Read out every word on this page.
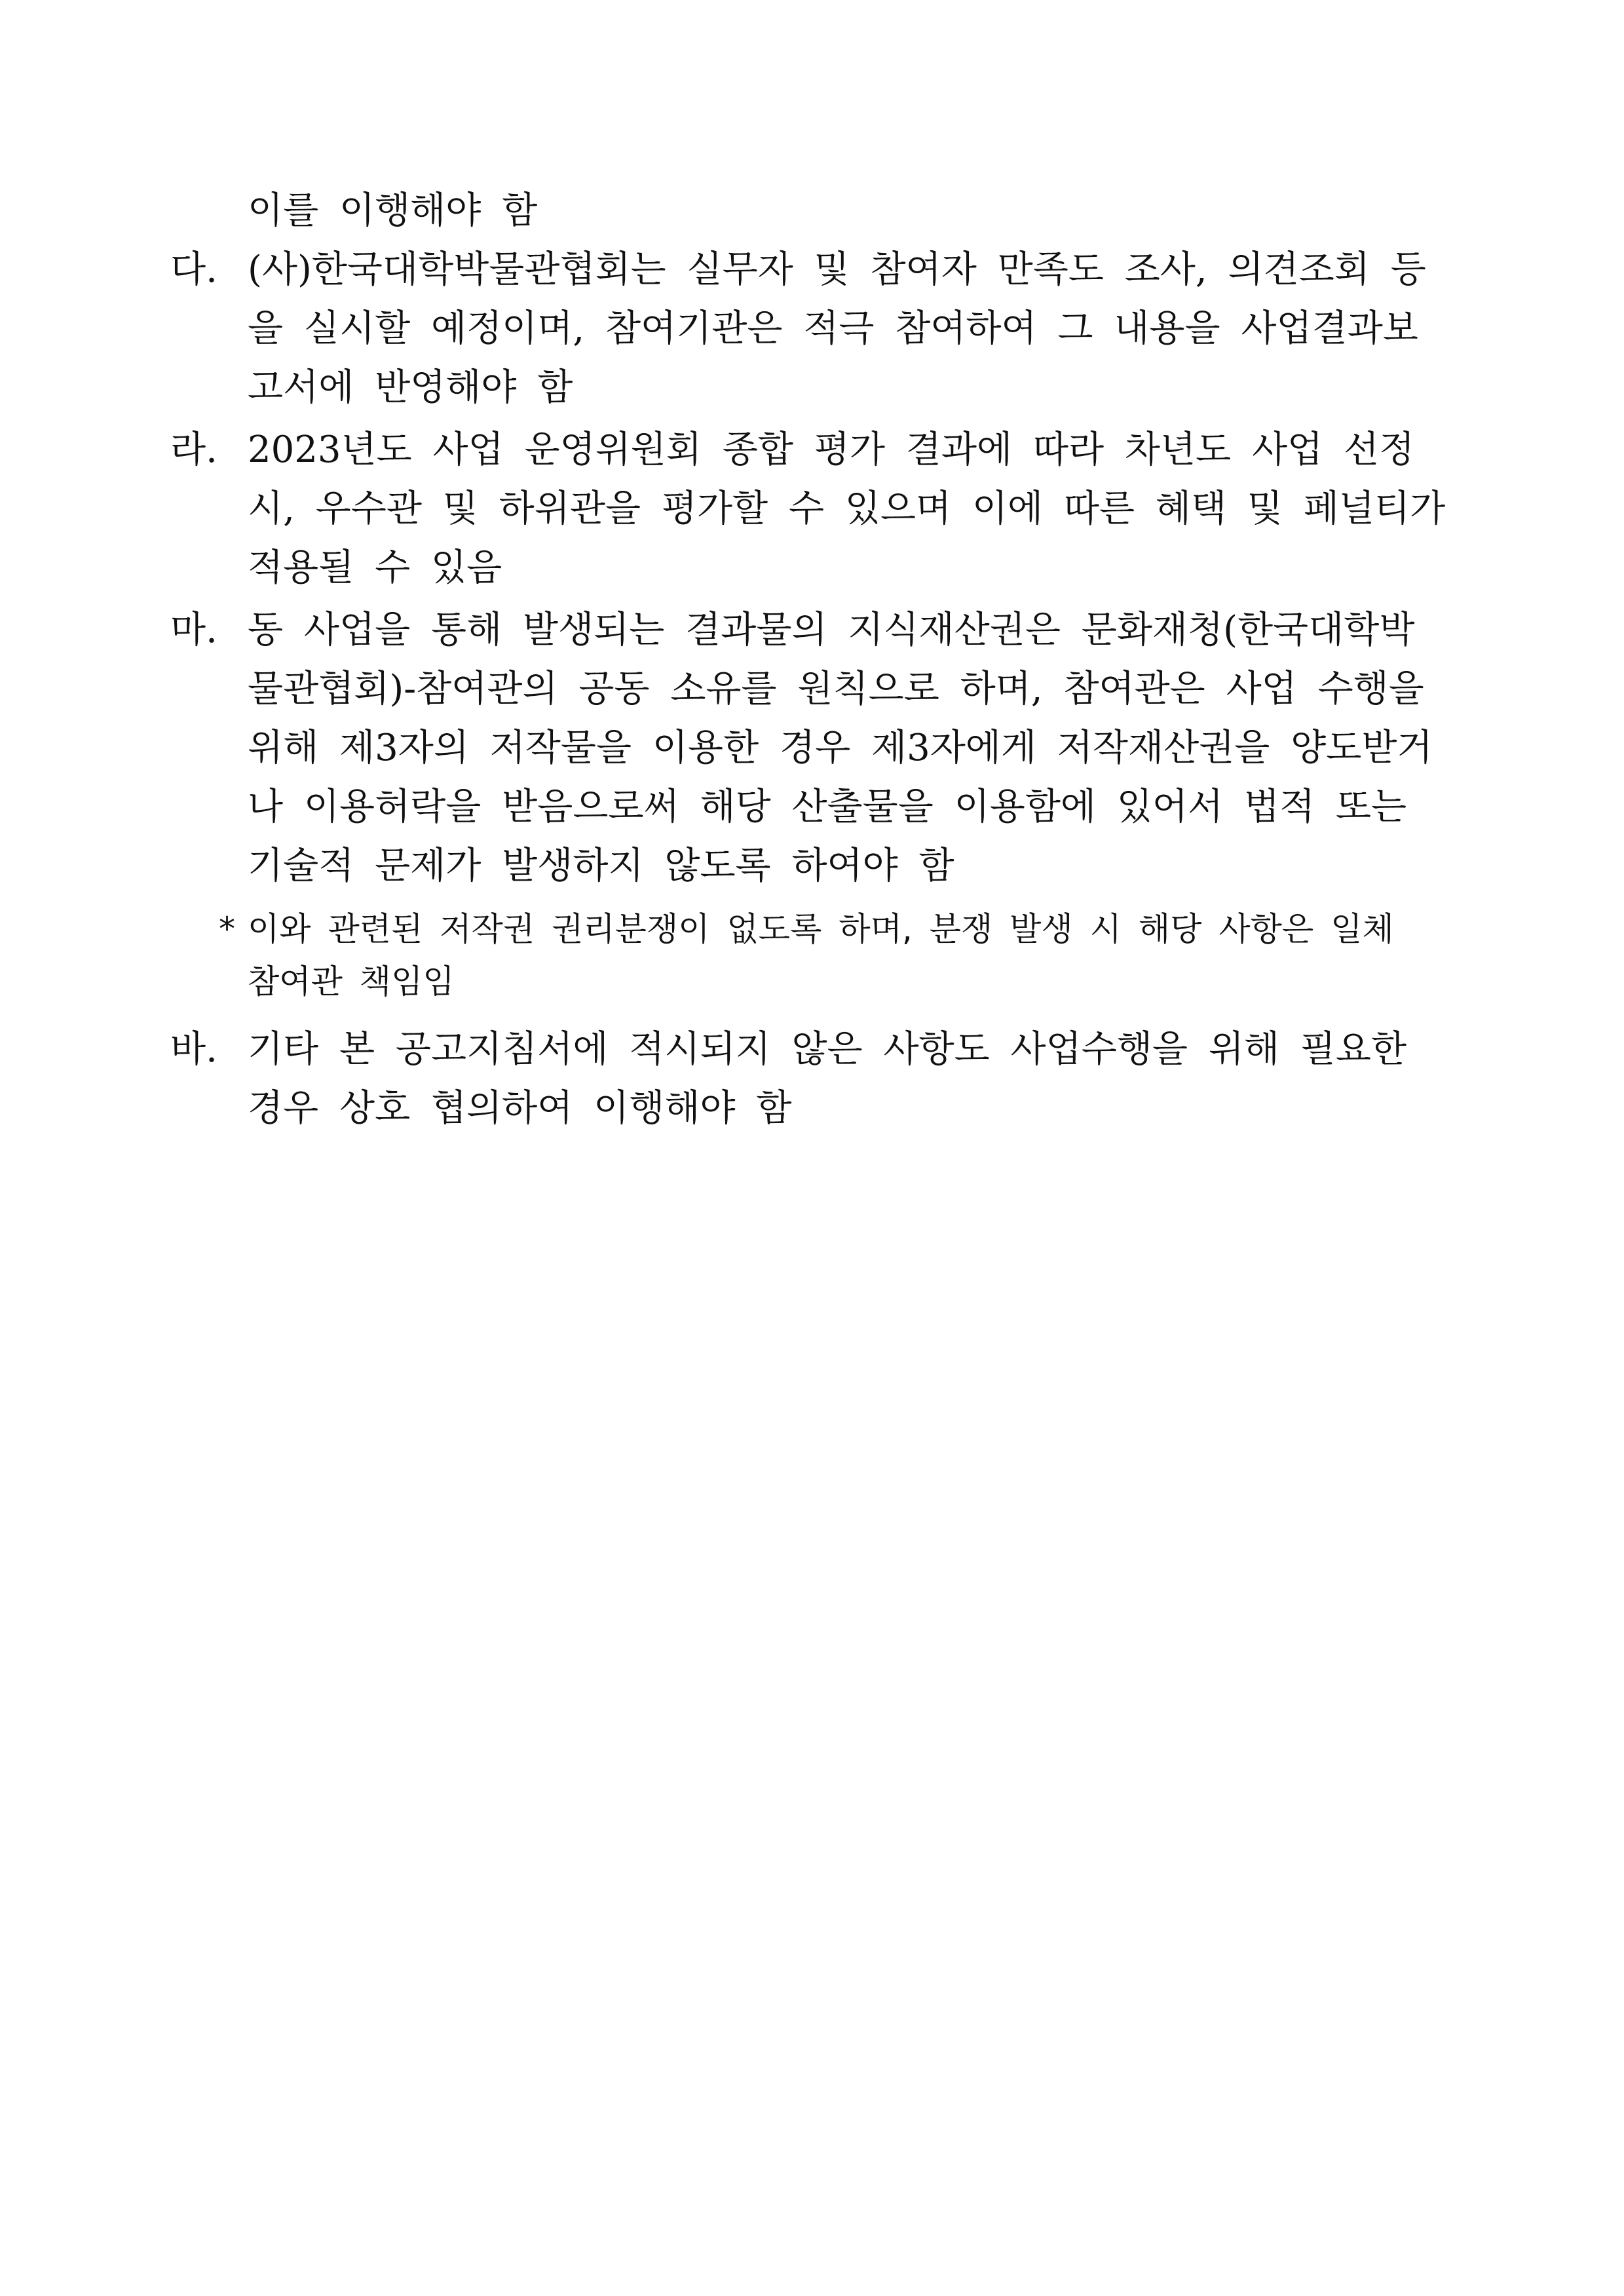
이를 이행해야 함
다. (사)한국대학박물관협회는 실무자 및 참여자 만족도 조사, 의견조회 등
을 실시할 예정이며, 참여기관은 적극 참여하여 그 내용을 사업결과보
고서에 반영해야 함
라. 2023년도 사업 운영위원회 종합 평가 결과에 따라 차년도 사업 선정
시, 우수관 및 하위관을 평가할 수 있으며 이에 따른 혜택 및 페널티가
적용될 수 있음
마. 동 사업을 통해 발생되는 결과물의 지식재산권은 문화재청(한국대학박
물관협회)-참여관의 공동 소유를 원칙으로 하며, 참여관은 사업 수행을
위해 제3자의 저작물을 이용한 경우 제3자에게 저작재산권을 양도받거
나 이용허락을 받음으로써 해당 산출물을 이용함에 있어서 법적 또는
기술적 문제가 발생하지 않도록 하여야 함
* 이와 관련된 저작권 권리분쟁이 없도록 하며, 분쟁 발생 시 해당 사항은 일체
참여관 책임임
바. 기타 본 공고지침서에 적시되지 않은 사항도 사업수행을 위해 필요한
경우 상호 협의하여 이행해야 함
